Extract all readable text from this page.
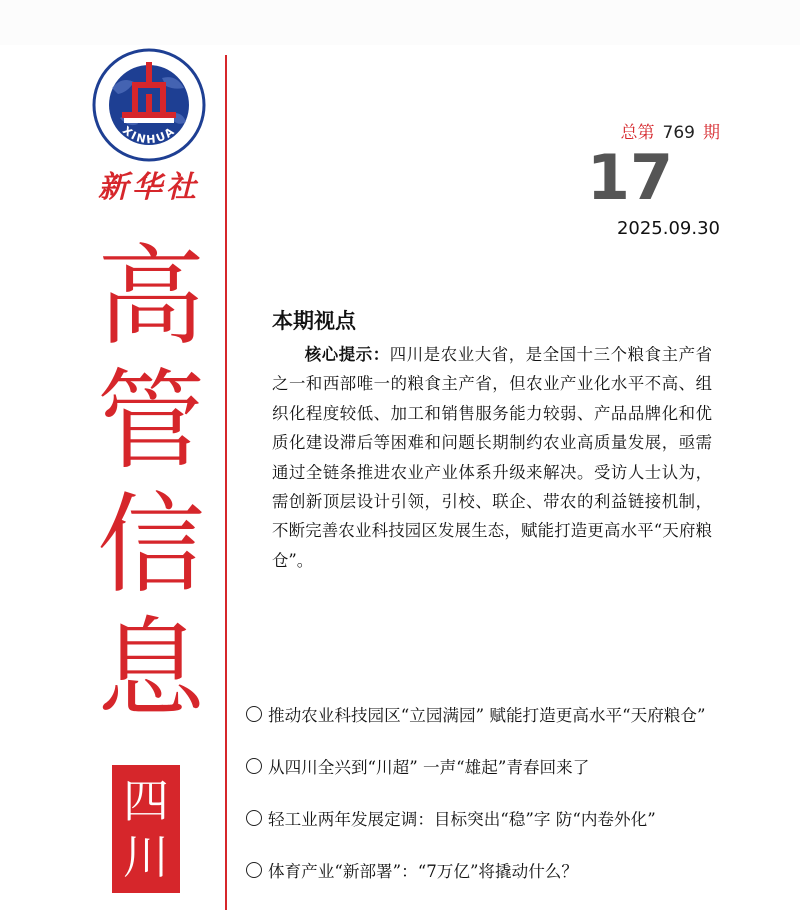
XINHUA
新华社
高
管
信
息
四
川
总第 769 期
17
2025.09.30
本期视点

核心提示：四川是农业大省，是全国十三个粮食主产省之一和西部唯一的粮食主产省，但农业产业化水平不高、组织化程度较低、加工和销售服务能力较弱、产品品牌化和优质化建设滞后等困难和问题长期制约农业高质量发展，亟需通过全链条推进农业产业体系升级来解决。受访人士认为，需创新顶层设计引领，引校、联企、带农的利益链接机制，不断完善农业科技园区发展生态，赋能打造更高水平“天府粮仓”。

推动农业科技园区“立园满园” 赋能打造更高水平“天府粮仓”
从四川全兴到“川超” 一声“雄起”青春回来了
轻工业两年发展定调：目标突出“稳”字 防“内卷外化”
体育产业“新部署”：“7万亿”将撬动什么？
